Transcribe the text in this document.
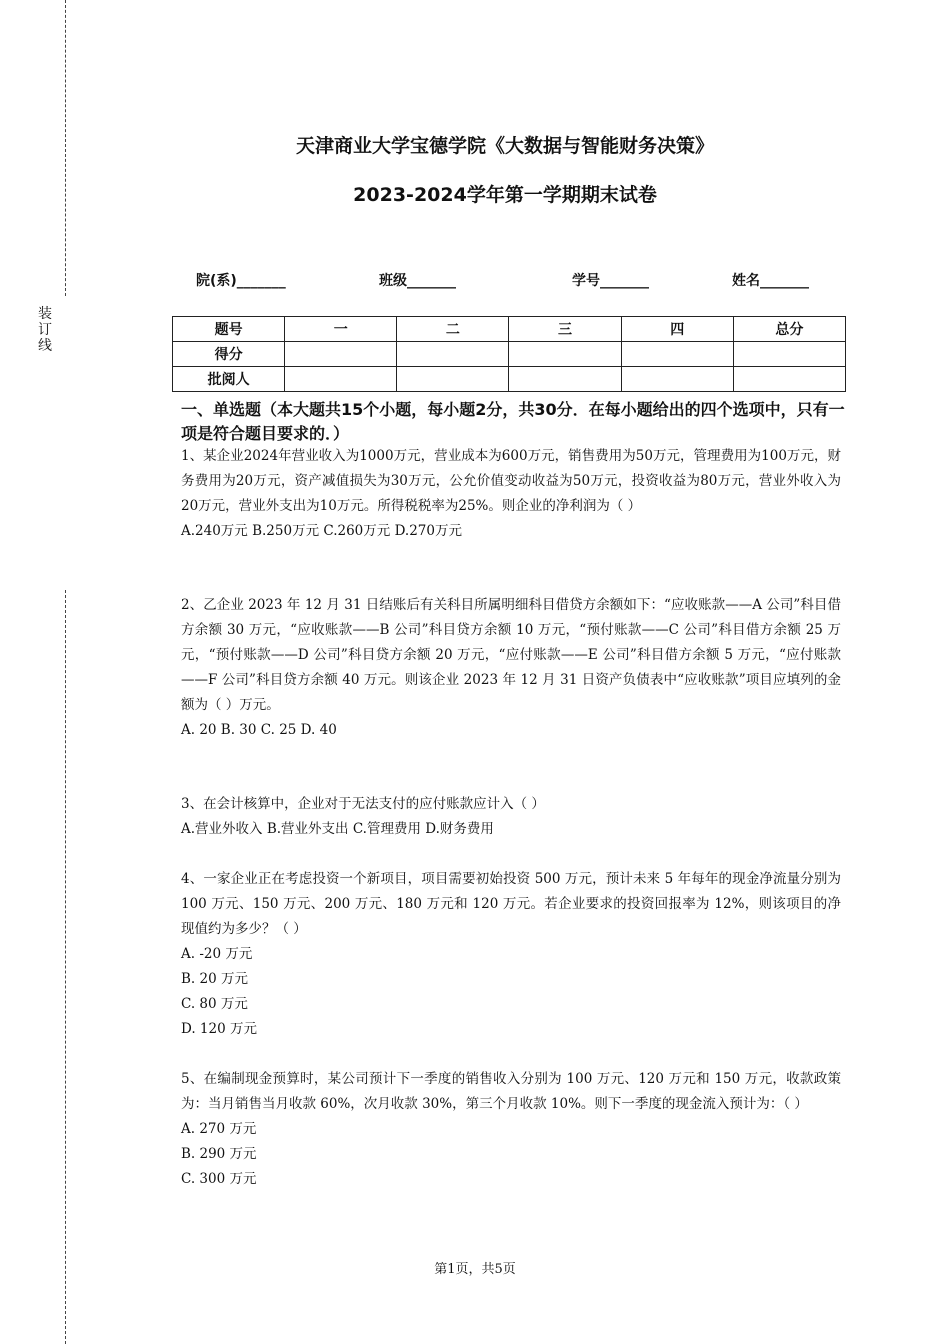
装订线
天津商业大学宝德学院《大数据与智能财务决策》
2023-2024学年第一学期期末试卷
院(系)_______	班级_______	学号_______	姓名_______
题号	一	二	三	四	总分
得分					
批阅人					
一、单选题（本大题共15个小题，每小题2分，共30分．在每小题给出的四个选项中，只有一项是符合题目要求的．）

1、某企业2024年营业收入为1000万元，营业成本为600万元，销售费用为50万元，管理费用为100万元，财务费用为20万元，资产减值损失为30万元，公允价值变动收益为50万元，投资收益为80万元，营业外收入为20万元，营业外支出为10万元。所得税税率为25%。则企业的净利润为（ ）

A.240万元 B.250万元 C.260万元 D.270万元

2、乙企业 2023 年 12 月 31 日结账后有关科目所属明细科目借贷方余额如下：“应收账款——A 公司”科目借方余额 30 万元，“应收账款——B 公司”科目贷方余额 10 万元，“预付账款——C 公司”科目借方余额 25 万元，“预付账款——D 公司”科目贷方余额 20 万元，“应付账款——E 公司”科目借方余额 5 万元，“应付账款——F 公司”科目贷方余额 40 万元。则该企业 2023 年 12 月 31 日资产负债表中“应收账款”项目应填列的金额为（ ）万元。

A. 20 B. 30 C. 25 D. 40

3、在会计核算中，企业对于无法支付的应付账款应计入（ ）

A.营业外收入 B.营业外支出 C.管理费用 D.财务费用

4、一家企业正在考虑投资一个新项目，项目需要初始投资 500 万元，预计未来 5 年每年的现金净流量分别为 100 万元、150 万元、200 万元、180 万元和 120 万元。若企业要求的投资回报率为 12%，则该项目的净现值约为多少？（ ）

A. -20 万元

B. 20 万元

C. 80 万元

D. 120 万元

5、在编制现金预算时，某公司预计下一季度的销售收入分别为 100 万元、120 万元和 150 万元，收款政策为：当月销售当月收款 60%，次月收款 30%，第三个月收款 10%。则下一季度的现金流入预计为：（ ）

A. 270 万元

B. 290 万元

C. 300 万元

第1页，共5页
